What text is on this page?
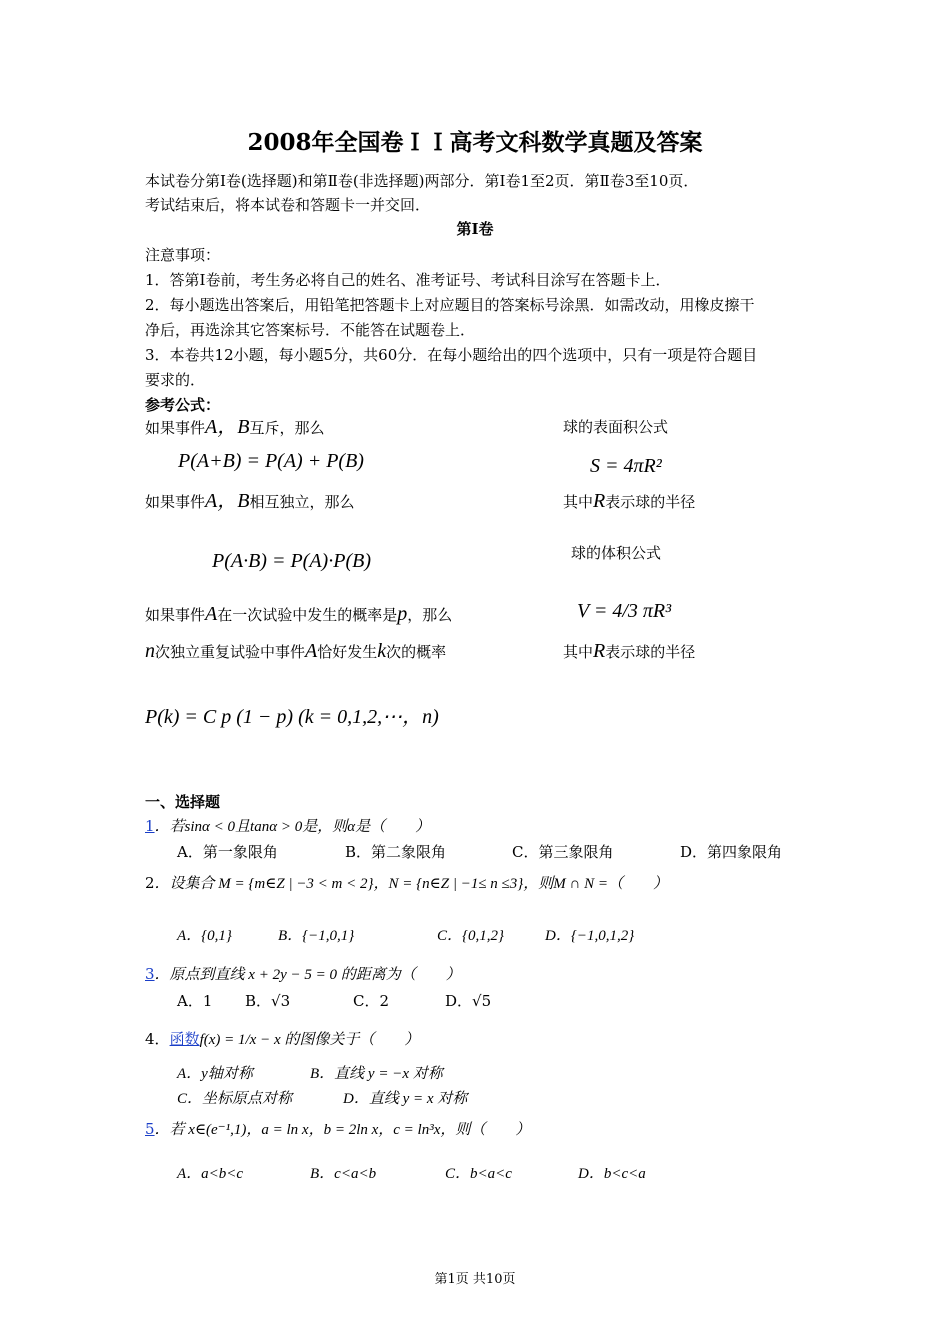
2008年全国卷ＩＩ高考文科数学真题及答案
本试卷分第Ⅰ卷(选择题)和第Ⅱ卷(非选择题)两部分．第Ⅰ卷1至2页．第Ⅱ卷3至10页．
考试结束后，将本试卷和答题卡一并交回．
第Ⅰ卷
注意事项：
1．答第Ⅰ卷前，考生务必将自己的姓名、准考证号、考试科目涂写在答题卡上．
2．每小题选出答案后，用铅笔把答题卡上对应题目的答案标号涂黑．如需改动，用橡皮擦干
净后，再选涂其它答案标号．不能答在试题卷上．
3．本卷共12小题，每小题5分，共60分．在每小题给出的四个选项中，只有一项是符合题目
要求的．
参考公式：
如果事件A，B互斥，那么
P(A+B) = P(A) + P(B)
如果事件A，B相互独立，那么
P(A∙B) = P(A)∙P(B)
如果事件A在一次试验中发生的概率是p，那么
n次独立重复试验中事件A恰好发生k次的概率
P(k) = C p (1 − p) (k = 0,1,2,⋯，n)
球的表面积公式
S = 4πR²
其中R表示球的半径
球的体积公式
V = 4/3 πR³
其中R表示球的半径
一、选择题
1．若sinα < 0且tanα > 0是，则α是（　　）
A．第一象限角	B．第二象限角	C．第三象限角	D．第四象限角
2．设集合 M = {m∈Z | −3 < m < 2}，N = {n∈Z | −1≤ n ≤3}，则M ∩ N =（　　）
A．{0,1}	B．{−1,0,1}	C．{0,1,2}	D．{−1,0,1,2}
3．原点到直线 x + 2y − 5 = 0 的距离为（　　）
A．1 B．√3	C．2	D．√5
4．函数f(x) = 1/x − x 的图像关于（　　）
A．y轴对称	B．直线 y = −x 对称
C．坐标原点对称	D．直线 y = x 对称
5．若 x∈(e⁻¹,1)，a = ln x，b = 2ln x，c = ln³x，则（　　）
A．a<b<c	B．c<a<b	C．b<a<c	D．b<c<a
第1页 共10页
